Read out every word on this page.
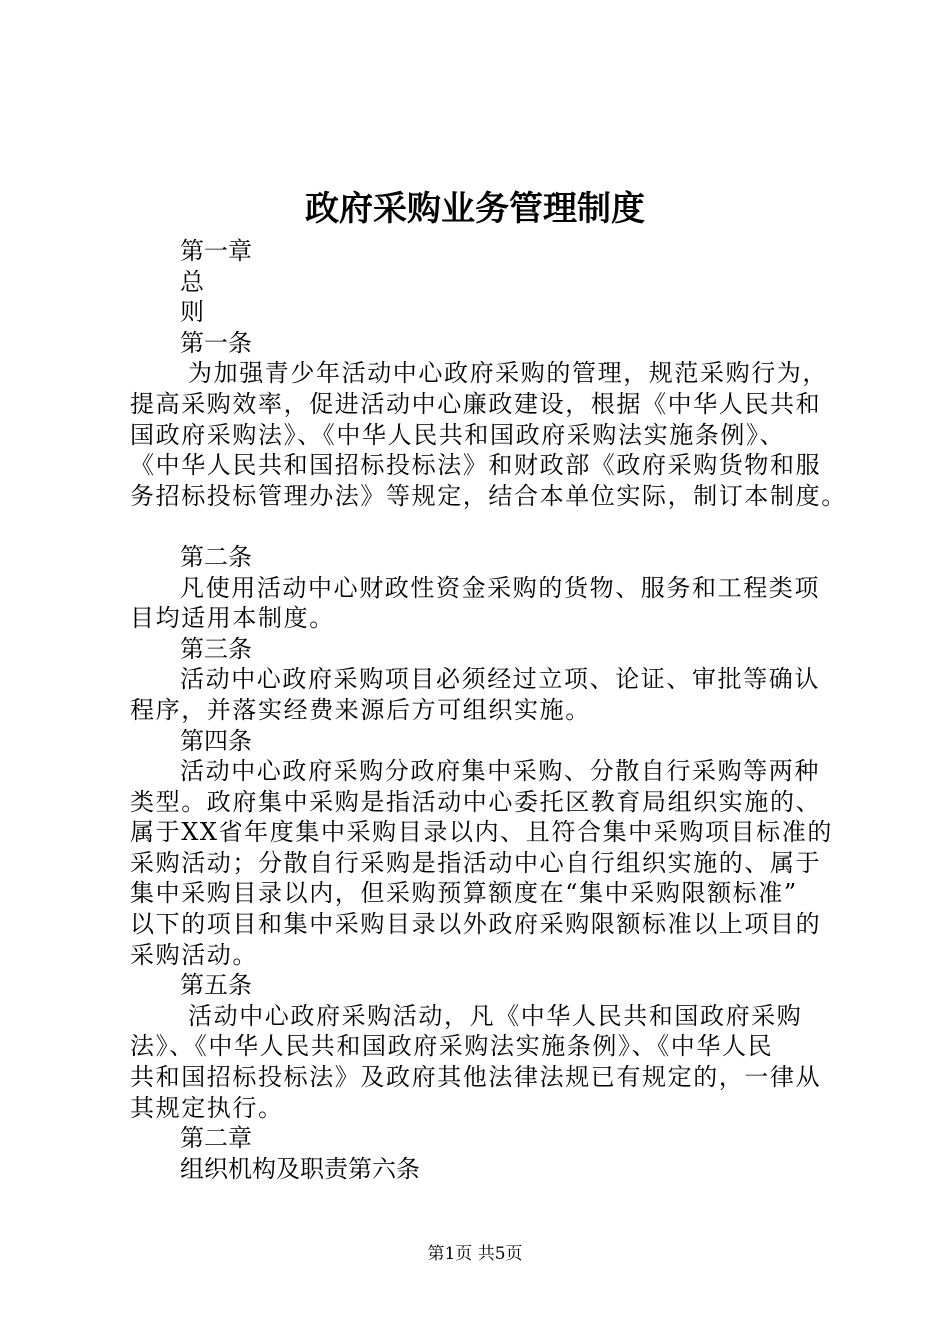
政府采购业务管理制度
第一章
总
则
第一条
为加强青少年活动中心政府采购的管理，规范采购行为，
提高采购效率，促进活动中心廉政建设，根据《中华人民共和
国政府采购法》、《中华人民共和国政府采购法实施条例》、
《中华人民共和国招标投标法》和财政部《政府采购货物和服
务招标投标管理办法》等规定，结合本单位实际，制订本制度。
第二条
凡使用活动中心财政性资金采购的货物、服务和工程类项
目均适用本制度。
第三条
活动中心政府采购项目必须经过立项、论证、审批等确认
程序，并落实经费来源后方可组织实施。
第四条
活动中心政府采购分政府集中采购、分散自行采购等两种
类型。政府集中采购是指活动中心委托区教育局组织实施的、
属于XX省年度集中采购目录以内、且符合集中采购项目标准的
采购活动；分散自行采购是指活动中心自行组织实施的、属于
集中采购目录以内，但采购预算额度在“集中采购限额标准”
以下的项目和集中采购目录以外政府采购限额标准以上项目的
采购活动。
第五条
活动中心政府采购活动，凡《中华人民共和国政府采购
法》、《中华人民共和国政府采购法实施条例》、《中华人民
共和国招标投标法》及政府其他法律法规已有规定的，一律从
其规定执行。
第二章
组织机构及职责第六条
第1页 共5页
